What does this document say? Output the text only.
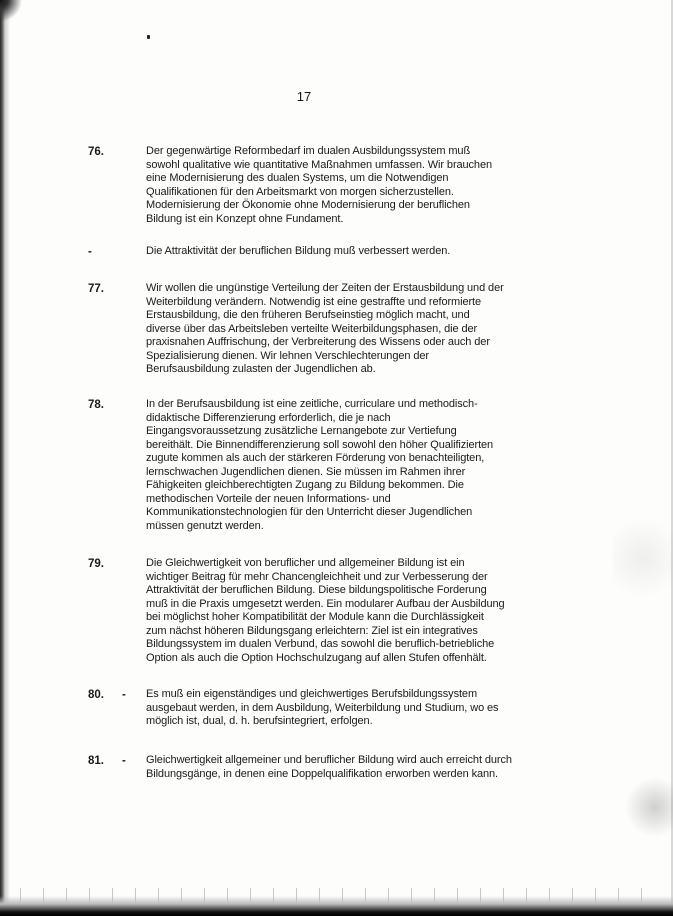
17
76.	Der gegenwärtige Reformbedarf im dualen Ausbildungssystem muß
sowohl qualitative wie quantitative Maßnahmen umfassen. Wir brauchen
eine Modernisierung des dualen Systems, um die Notwendigen
Qualifikationen für den Arbeitsmarkt von morgen sicherzustellen.
Modernisierung der Ökonomie ohne Modernisierung der beruflichen
Bildung ist ein Konzept ohne Fundament.
-	Die Attraktivität der beruflichen Bildung muß verbessert werden.
77.	Wir wollen die ungünstige Verteilung der Zeiten der Erstausbildung und der
Weiterbildung verändern. Notwendig ist eine gestraffte und reformierte
Erstausbildung, die den früheren Berufseinstieg möglich macht, und
diverse über das Arbeitsleben verteilte Weiterbildungsphasen, die der
praxisnahen Auffrischung, der Verbreiterung des Wissens oder auch der
Spezialisierung dienen. Wir lehnen Verschlechterungen der
Berufsausbildung zulasten der Jugendlichen ab.
78.	In der Berufsausbildung ist eine zeitliche, curriculare und methodisch-
didaktische Differenzierung erforderlich, die je nach
Eingangsvoraussetzung zusätzliche Lernangebote zur Vertiefung
bereithält. Die Binnendifferenzierung soll sowohl den höher Qualifizierten
zugute kommen als auch der stärkeren Förderung von benachteiligten,
lernschwachen Jugendlichen dienen. Sie müssen im Rahmen ihrer
Fähigkeiten gleichberechtigten Zugang zu Bildung bekommen. Die
methodischen Vorteile der neuen Informations- und
Kommunikationstechnologien für den Unterricht dieser Jugendlichen
müssen genutzt werden.
79.	Die Gleichwertigkeit von beruflicher und allgemeiner Bildung ist ein
wichtiger Beitrag für mehr Chancengleichheit und zur Verbesserung der
Attraktivität der beruflichen Bildung. Diese bildungspolitische Forderung
muß in die Praxis umgesetzt werden. Ein modularer Aufbau der Ausbildung
bei möglichst hoher Kompatibilität der Module kann die Durchlässigkeit
zum nächst höheren Bildungsgang erleichtern: Ziel ist ein integratives
Bildungssystem im dualen Verbund, das sowohl die beruflich-betriebliche
Option als auch die Option Hochschulzugang auf allen Stufen offenhält.
80. - Es muß ein eigenständiges und gleichwertiges Berufsbildungssystem
ausgebaut werden, in dem Ausbildung, Weiterbildung und Studium, wo es
möglich ist, dual, d. h. berufsintegriert, erfolgen.
81. - Gleichwertigkeit allgemeiner und beruflicher Bildung wird auch erreicht durch
Bildungsgänge, in denen eine Doppelqualifikation erworben werden kann.
